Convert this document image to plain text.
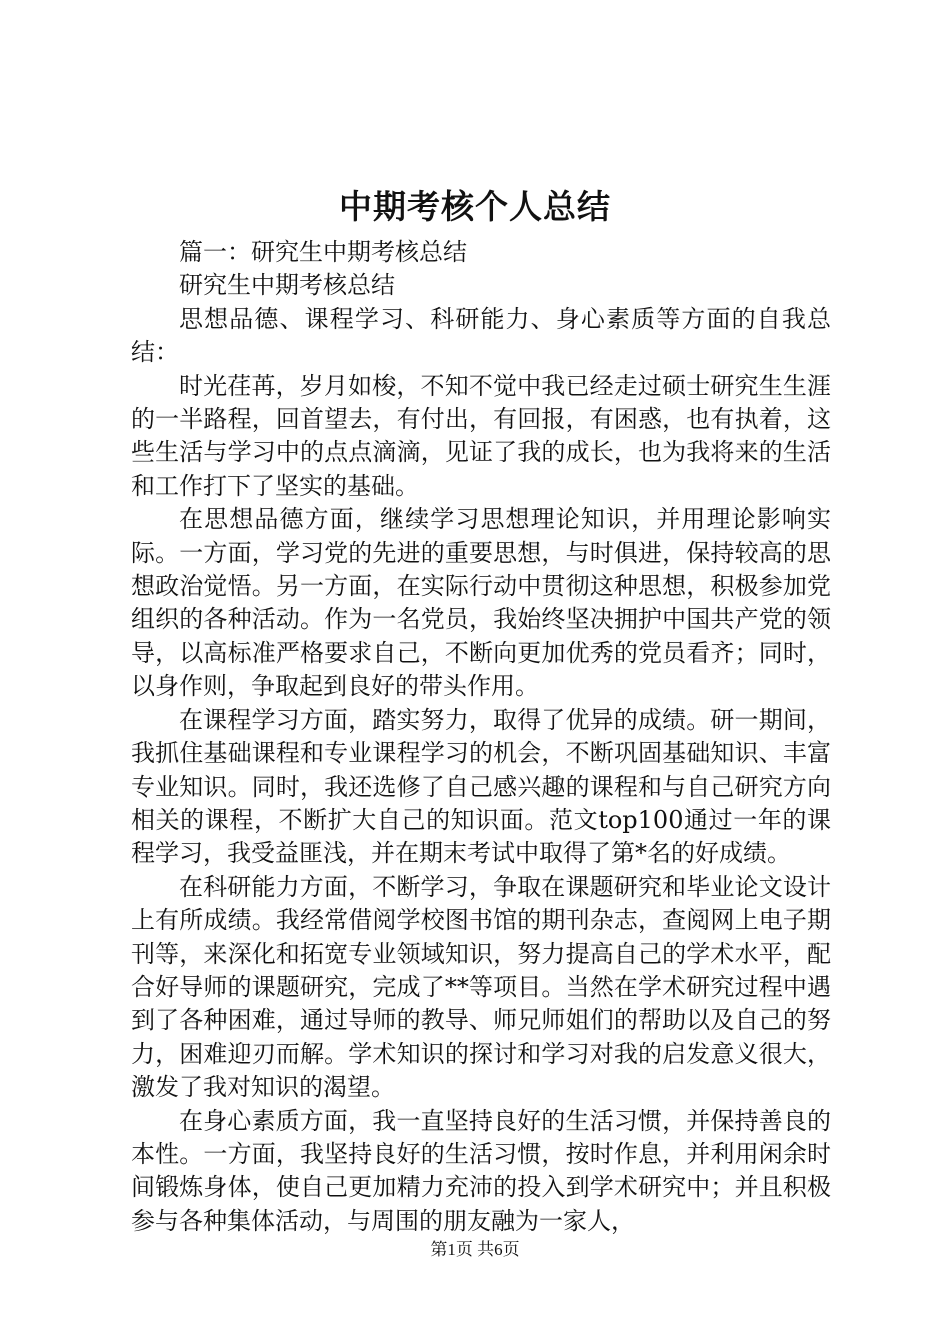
中期考核个人总结

篇一：研究生中期考核总结

研究生中期考核总结

思想品德、课程学习、科研能力、身心素质等方面的自我总结：

时光荏苒，岁月如梭，不知不觉中我已经走过硕士研究生生涯的一半路程，回首望去，有付出，有回报，有困惑，也有执着，这些生活与学习中的点点滴滴，见证了我的成长，也为我将来的生活和工作打下了坚实的基础。

在思想品德方面，继续学习思想理论知识，并用理论影响实际。一方面，学习党的先进的重要思想，与时俱进，保持较高的思想政治觉悟。另一方面，在实际行动中贯彻这种思想，积极参加党组织的各种活动。作为一名党员，我始终坚决拥护中国共产党的领导，以高标准严格要求自己，不断向更加优秀的党员看齐；同时，以身作则，争取起到良好的带头作用。

在课程学习方面，踏实努力，取得了优异的成绩。研一期间，我抓住基础课程和专业课程学习的机会，不断巩固基础知识、丰富专业知识。同时，我还选修了自己感兴趣的课程和与自己研究方向相关的课程，不断扩大自己的知识面。范文top100通过一年的课程学习，我受益匪浅，并在期末考试中取得了第*名的好成绩。

在科研能力方面，不断学习，争取在课题研究和毕业论文设计上有所成绩。我经常借阅学校图书馆的期刊杂志，查阅网上电子期刊等，来深化和拓宽专业领域知识，努力提高自己的学术水平，配合好导师的课题研究，完成了**等项目。当然在学术研究过程中遇到了各种困难，通过导师的教导、师兄师姐们的帮助以及自己的努力，困难迎刃而解。学术知识的探讨和学习对我的启发意义很大，激发了我对知识的渴望。

在身心素质方面，我一直坚持良好的生活习惯，并保持善良的本性。一方面，我坚持良好的生活习惯，按时作息，并利用闲余时间锻炼身体，使自己更加精力充沛的投入到学术研究中；并且积极参与各种集体活动，与周围的朋友融为一家人，

第1页 共6页
